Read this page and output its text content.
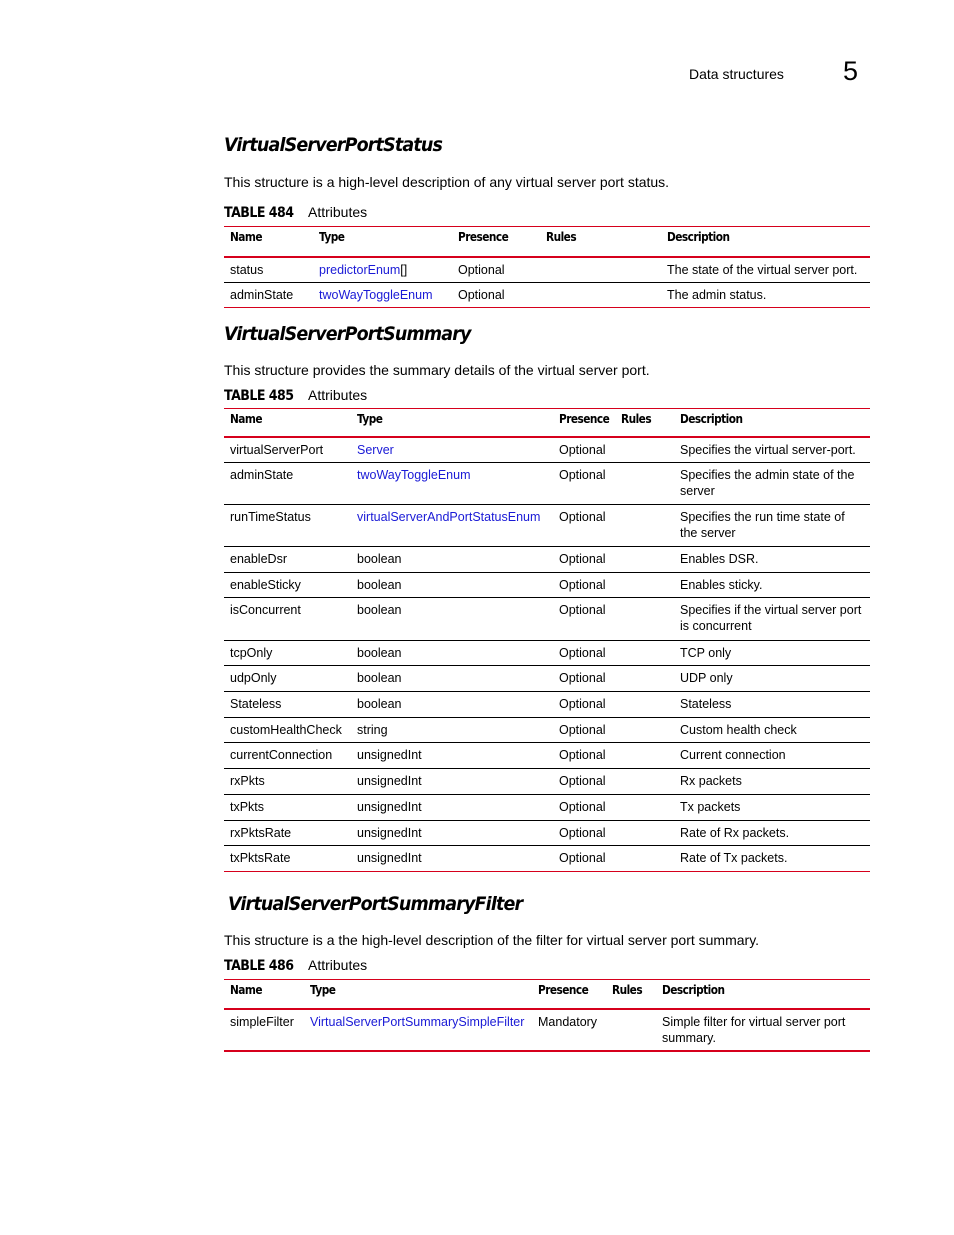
Data structures 5
VirtualServerPortStatus

This structure is a high-level description of any virtual server port status.

TABLE 484 Attributes
Name	Type	Presence	Rules	Description
status	predictorEnum[]	Optional		The state of the virtual server port.
adminState	twoWayToggleEnum	Optional		The admin status.
VirtualServerPortSummary

This structure provides the summary details of the virtual server port.

TABLE 485 Attributes
Name	Type	Presence	Rules	Description
virtualServerPort	Server	Optional		Specifies the virtual server-port.
adminState	twoWayToggleEnum	Optional		Specifies the admin state of the server
runTimeStatus	virtualServerAndPortStatusEnum	Optional		Specifies the run time state of the server
enableDsr	boolean	Optional		Enables DSR.
enableSticky	boolean	Optional		Enables sticky.
isConcurrent	boolean	Optional		Specifies if the virtual server port is concurrent
tcpOnly	boolean	Optional		TCP only
udpOnly	boolean	Optional		UDP only
Stateless	boolean	Optional		Stateless
customHealthCheck	string	Optional		Custom health check
currentConnection	unsignedInt	Optional		Current connection
rxPkts	unsignedInt	Optional		Rx packets
txPkts	unsignedInt	Optional		Tx packets
rxPktsRate	unsignedInt	Optional		Rate of Rx packets.
txPktsRate	unsignedInt	Optional		Rate of Tx packets.
VirtualServerPortSummaryFilter

This structure is a the high-level description of the filter for virtual server port summary.

TABLE 486 Attributes
Name	Type	Presence	Rules	Description
simpleFilter	VirtualServerPortSummarySimpleFilter	Mandatory		Simple filter for virtual server port summary.
